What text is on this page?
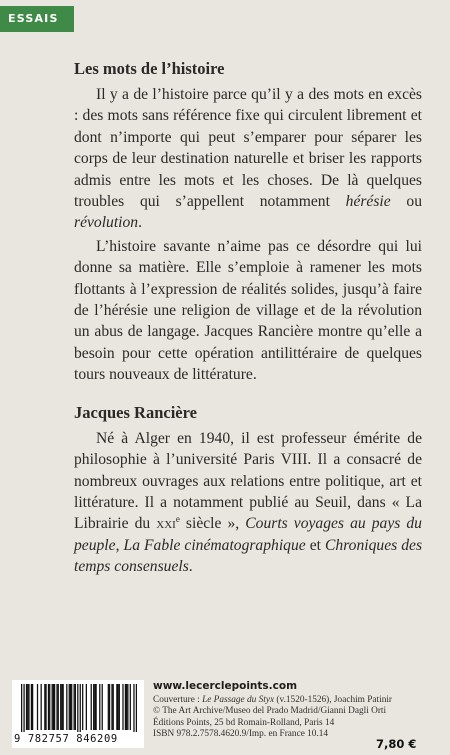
ESSAIS
Les mots de l’histoire

Il y a de l’histoire parce qu’il y a des mots en excès : des mots sans référence fixe qui circulent librement et dont n’importe qui peut s’emparer pour séparer les corps de leur destination naturelle et briser les rapports admis entre les mots et les choses. De là quelques troubles qui s’appellent notamment hérésie ou révolution.

L’histoire savante n’aime pas ce désordre qui lui donne sa matière. Elle s’emploie à ramener les mots flottants à l’expression de réalités solides, jusqu’à faire de l’hérésie une religion de village et de la révolution un abus de langage. Jacques Rancière montre qu’elle a besoin pour cette opération antilittéraire de quelques tours nouveaux de littérature.

Jacques Rancière

Né à Alger en 1940, il est professeur émérite de philosophie à l’université Paris VIII. Il a consacré de nombreux ouvrages aux relations entre politique, art et littérature. Il a notamment publié au Seuil, dans « La Librairie du xxi$^e$ siècle », Courts voyages au pays du peuple, La Fable cinématographique et Chroniques des temps consensuels.

9 782757 846209
www.lecerclepoints.com
Couverture : Le Passage du Styx (v.1520-1526), Joachim Patinir
© The Art Archive/Museo del Prado Madrid/Gianni Dagli Orti
Éditions Points, 25 bd Romain-Rolland, Paris 14
ISBN 978.2.7578.4620.9/Imp. en France 10.14
7,80 €
